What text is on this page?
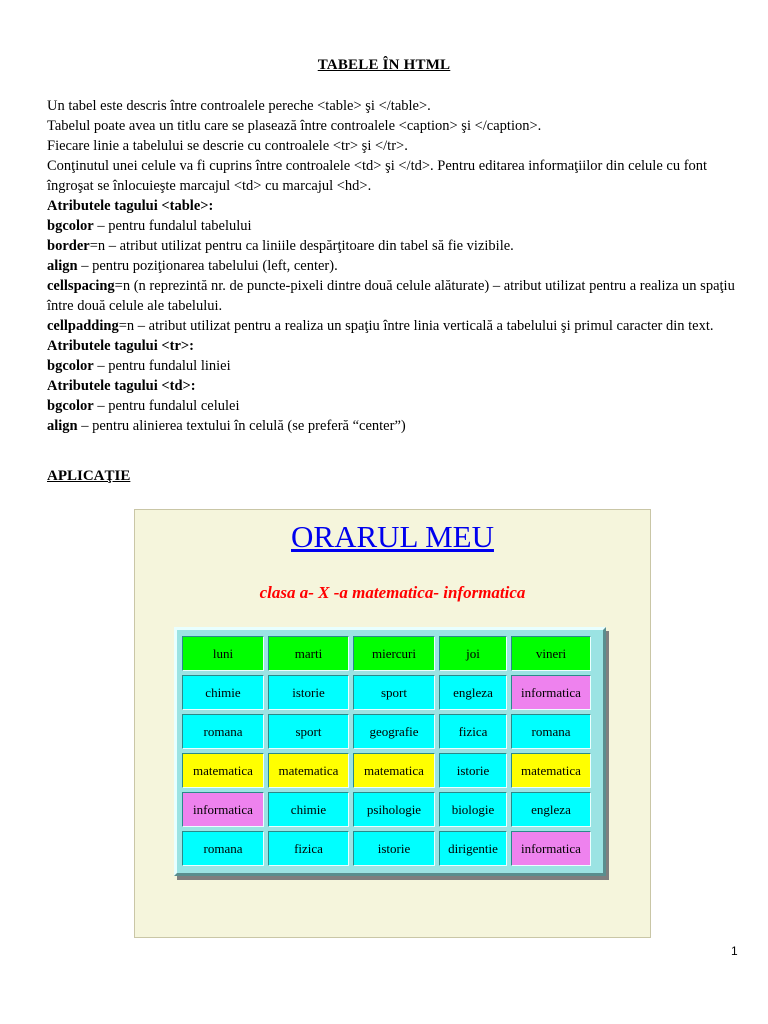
TABELE ÎN HTML
Un tabel este descris între controalele pereche <table> şi </table>.
Tabelul poate avea un titlu care se plasează între controalele <caption> şi </caption>.
Fiecare linie a tabelului se descrie cu controalele <tr> şi </tr>.
Conţinutul unei celule va fi cuprins între controalele <td> şi </td>. Pentru editarea informaţiilor din celule cu font îngroşat se înlocuieşte marcajul <td> cu marcajul <hd>.
Atributele tagului <table>:
bgcolor – pentru fundalul tabelului
border=n – atribut utilizat pentru ca liniile despărţitoare din tabel să fie vizibile.
align – pentru poziţionarea tabelului (left, center).
cellspacing=n (n reprezintă nr. de puncte-pixeli dintre două celule alăturate) – atribut utilizat pentru a realiza un spaţiu între două celule ale tabelului.
cellpadding=n – atribut utilizat pentru a realiza un spaţiu între linia verticală a tabelului şi primul caracter din text.
Atributele tagului <tr>:
bgcolor – pentru fundalul liniei
Atributele tagului <td>:
bgcolor – pentru fundalul celulei
align – pentru alinierea textului în celulă (se preferă “center”)
APLICAŢIE
ORARUL MEU
clasa a- X -a matematica- informatica
luni	marti	miercuri	joi	vineri
chimie	istorie	sport	engleza	informatica
romana	sport	geografie	fizica	romana
matematica	matematica	matematica	istorie	matematica
informatica	chimie	psihologie	biologie	engleza
romana	fizica	istorie	dirigentie	informatica
1
